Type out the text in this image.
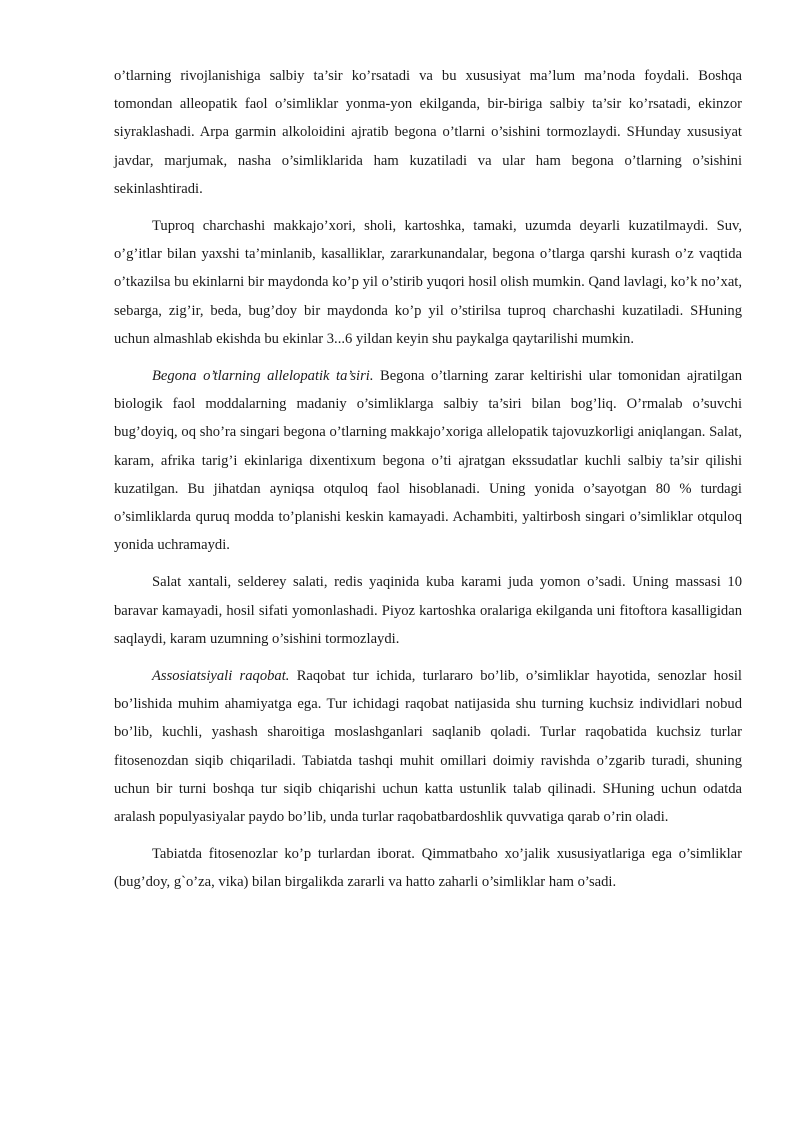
o’tlarning rivojlanishiga salbiy ta’sir ko’rsatadi va bu xususiyat ma’lum ma’noda foydali. Boshqa tomondan alleopatik faol o’simliklar yonma-yon ekilganda, bir-biriga salbiy ta’sir ko’rsatadi, ekinzor siyraklashadi. Arpa garmin alkoloidini ajratib begona o’tlarni o’sishini tormozlaydi. SHunday xususiyat javdar, marjumak, nasha o’simliklarida ham kuzatiladi va ular ham begona o’tlarning o’sishini sekinlashtiradi.

Tuproq charchashi makkajo’xori, sholi, kartoshka, tamaki, uzumda deyarli kuzatilmaydi. Suv, o’g’itlar bilan yaxshi ta’minlanib, kasalliklar, zararkunandalar, begona o’tlarga qarshi kurash o’z vaqtida o’tkazilsa bu ekinlarni bir maydonda ko’p yil o’stirib yuqori hosil olish mumkin. Qand lavlagi, ko’k no’xat, sebarga, zig’ir, beda, bug’doy bir maydonda ko’p yil o’stirilsa tuproq charchashi kuzatiladi. SHuning uchun almashlab ekishda bu ekinlar 3...6 yildan keyin shu paykalga qaytarilishi mumkin.

Begona o’tlarning allelopatik ta’siri. Begona o’tlarning zarar keltirishi ular tomonidan ajratilgan biologik faol moddalarning madaniy o’simliklarga salbiy ta’siri bilan bog’liq. O’rmalab o’suvchi bug’doyiq, oq sho’ra singari begona o’tlarning makkajo’xoriga allelopatik tajovuzkorligi aniqlangan. Salat, karam, afrika tarig’i ekinlariga dixentixum begona o’ti ajratgan ekssudatlar kuchli salbiy ta’sir qilishi kuzatilgan. Bu jihatdan ayniqsa otquloq faol hisoblanadi. Uning yonida o’sayotgan 80 % turdagi o’simliklarda quruq modda to’planishi keskin kamayadi. Achambiti, yaltirbosh singari o’simliklar otquloq yonida uchramaydi.

Salat xantali, selderey salati, redis yaqinida kuba karami juda yomon o’sadi. Uning massasi 10 baravar kamayadi, hosil sifati yomonlashadi. Piyoz kartoshka oralariga ekilganda uni fitoftora kasalligidan saqlaydi, karam uzumning o’sishini tormozlaydi.

Assosiatsiyali raqobat. Raqobat tur ichida, turlararo bo’lib, o’simliklar hayotida, senozlar hosil bo’lishida muhim ahamiyatga ega. Tur ichidagi raqobat natijasida shu turning kuchsiz individlari nobud bo’lib, kuchli, yashash sharoitiga moslashganlari saqlanib qoladi. Turlar raqobatida kuchsiz turlar fitosenozdan siqib chiqariladi. Tabiatda tashqi muhit omillari doimiy ravishda o’zgarib turadi, shuning uchun bir turni boshqa tur siqib chiqarishi uchun katta ustunlik talab qilinadi. SHuning uchun odatda aralash populyasiyalar paydo bo’lib, unda turlar raqobatbardoshlik quvvatiga qarab o’rin oladi.

Tabiatda fitosenozlar ko’p turlardan iborat. Qimmatbaho xo’jalik xususiyatlariga ega o’simliklar (bug’doy, g`o’za, vika) bilan birgalikda zararli va hatto zaharli o’simliklar ham o’sadi.
